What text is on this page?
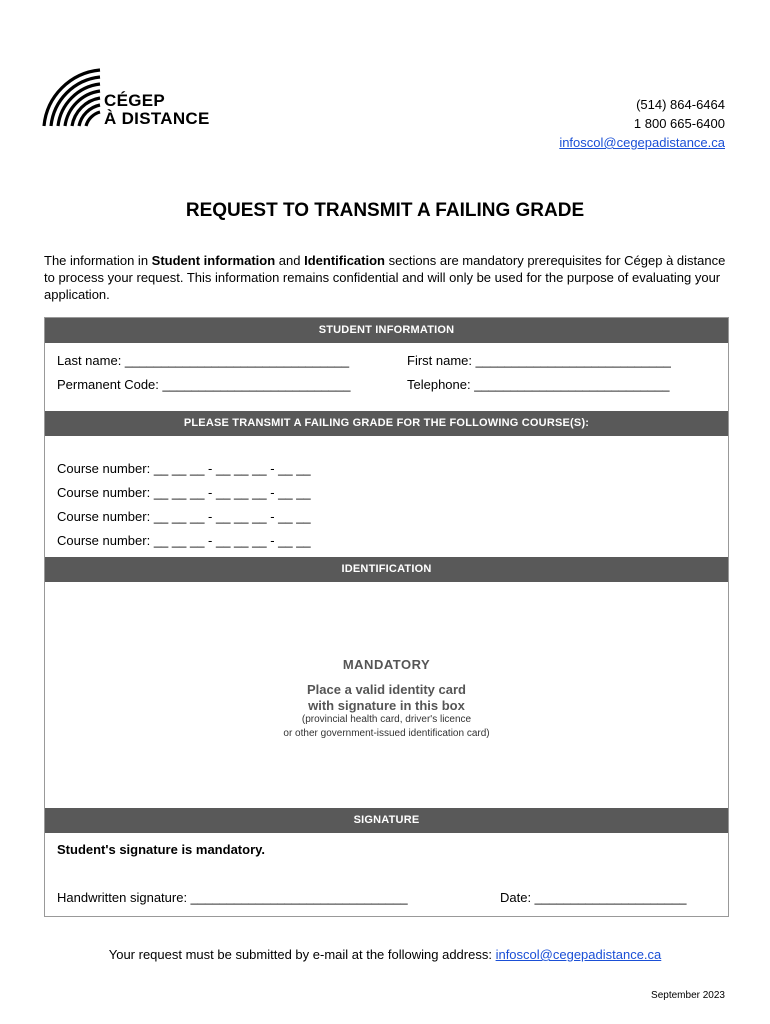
CÉGEP
À DISTANCE
(514) 864-6464
1 800 665-6400
infoscol@cegepadistance.ca
REQUEST TO TRANSMIT A FAILING GRADE
The information in Student information and Identification sections are mandatory prerequisites for Cégep à distance to process your request. This information remains confidential and will only be used for the purpose of evaluating your application.
STUDENT INFORMATION
Last name: _______________________________	First name: ___________________________
Permanent Code: __________________________	Telephone: ___________________________
PLEASE TRANSMIT A FAILING GRADE FOR THE FOLLOWING COURSE(S):
Course number: __ __ __ - __ __ __ - __ __
Course number: __ __ __ - __ __ __ - __ __
Course number: __ __ __ - __ __ __ - __ __
Course number: __ __ __ - __ __ __ - __ __
IDENTIFICATION
MANDATORY
Place a valid identity card
with signature in this box
(provincial health card, driver's licence
or other government-issued identification card)
SIGNATURE
Student's signature is mandatory.
Handwritten signature: ______________________________	Date: _____________________
Your request must be submitted by e-mail at the following address: infoscol@cegepadistance.ca
September 2023
